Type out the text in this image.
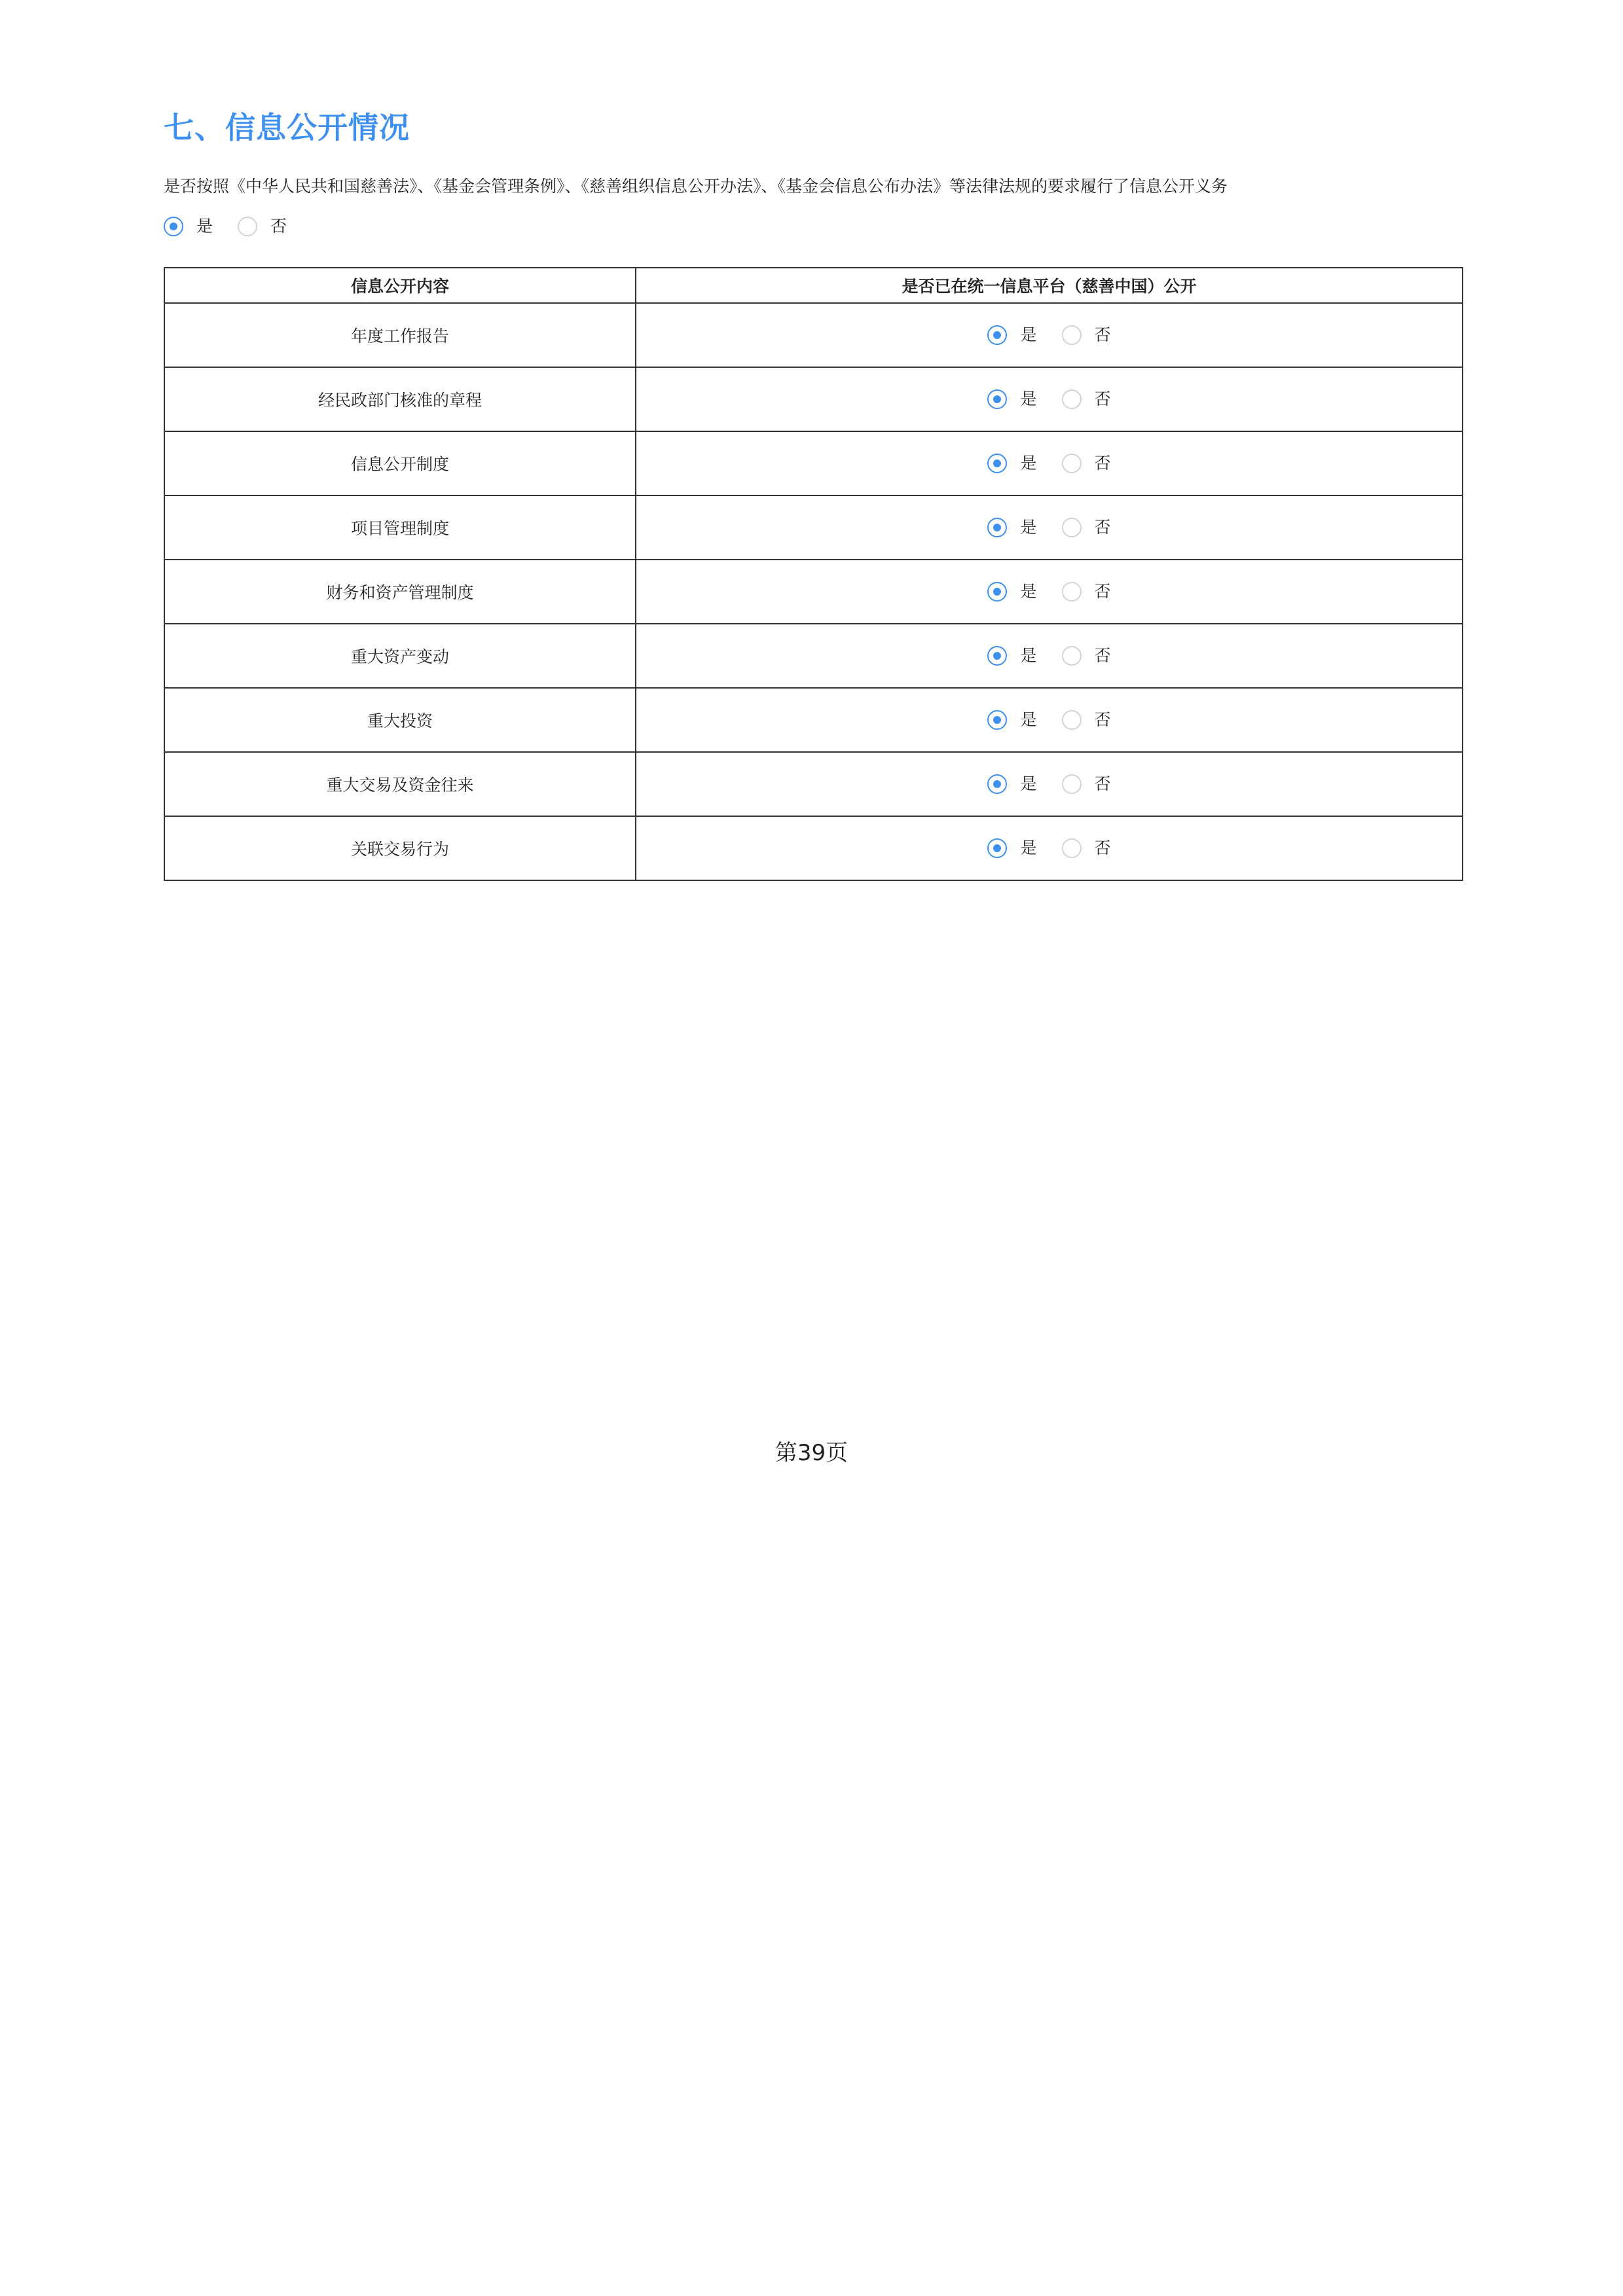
七、信息公开情况

是否按照《中华人民共和国慈善法》、《基金会管理条例》、《慈善组织信息公开办法》、《基金会信息公布办法》等法律法规的要求履行了信息公开义务

是	否
信息公开内容	是否已在统一信息平台（慈善中国）公开
年度工作报告	是 否

经民政部门核准的章程	是 否

信息公开制度	是 否

项目管理制度	是 否

财务和资产管理制度	是 否

重大资产变动	是 否

重大投资	是 否

重大交易及资金往来	是 否

关联交易行为	是 否
第39页
